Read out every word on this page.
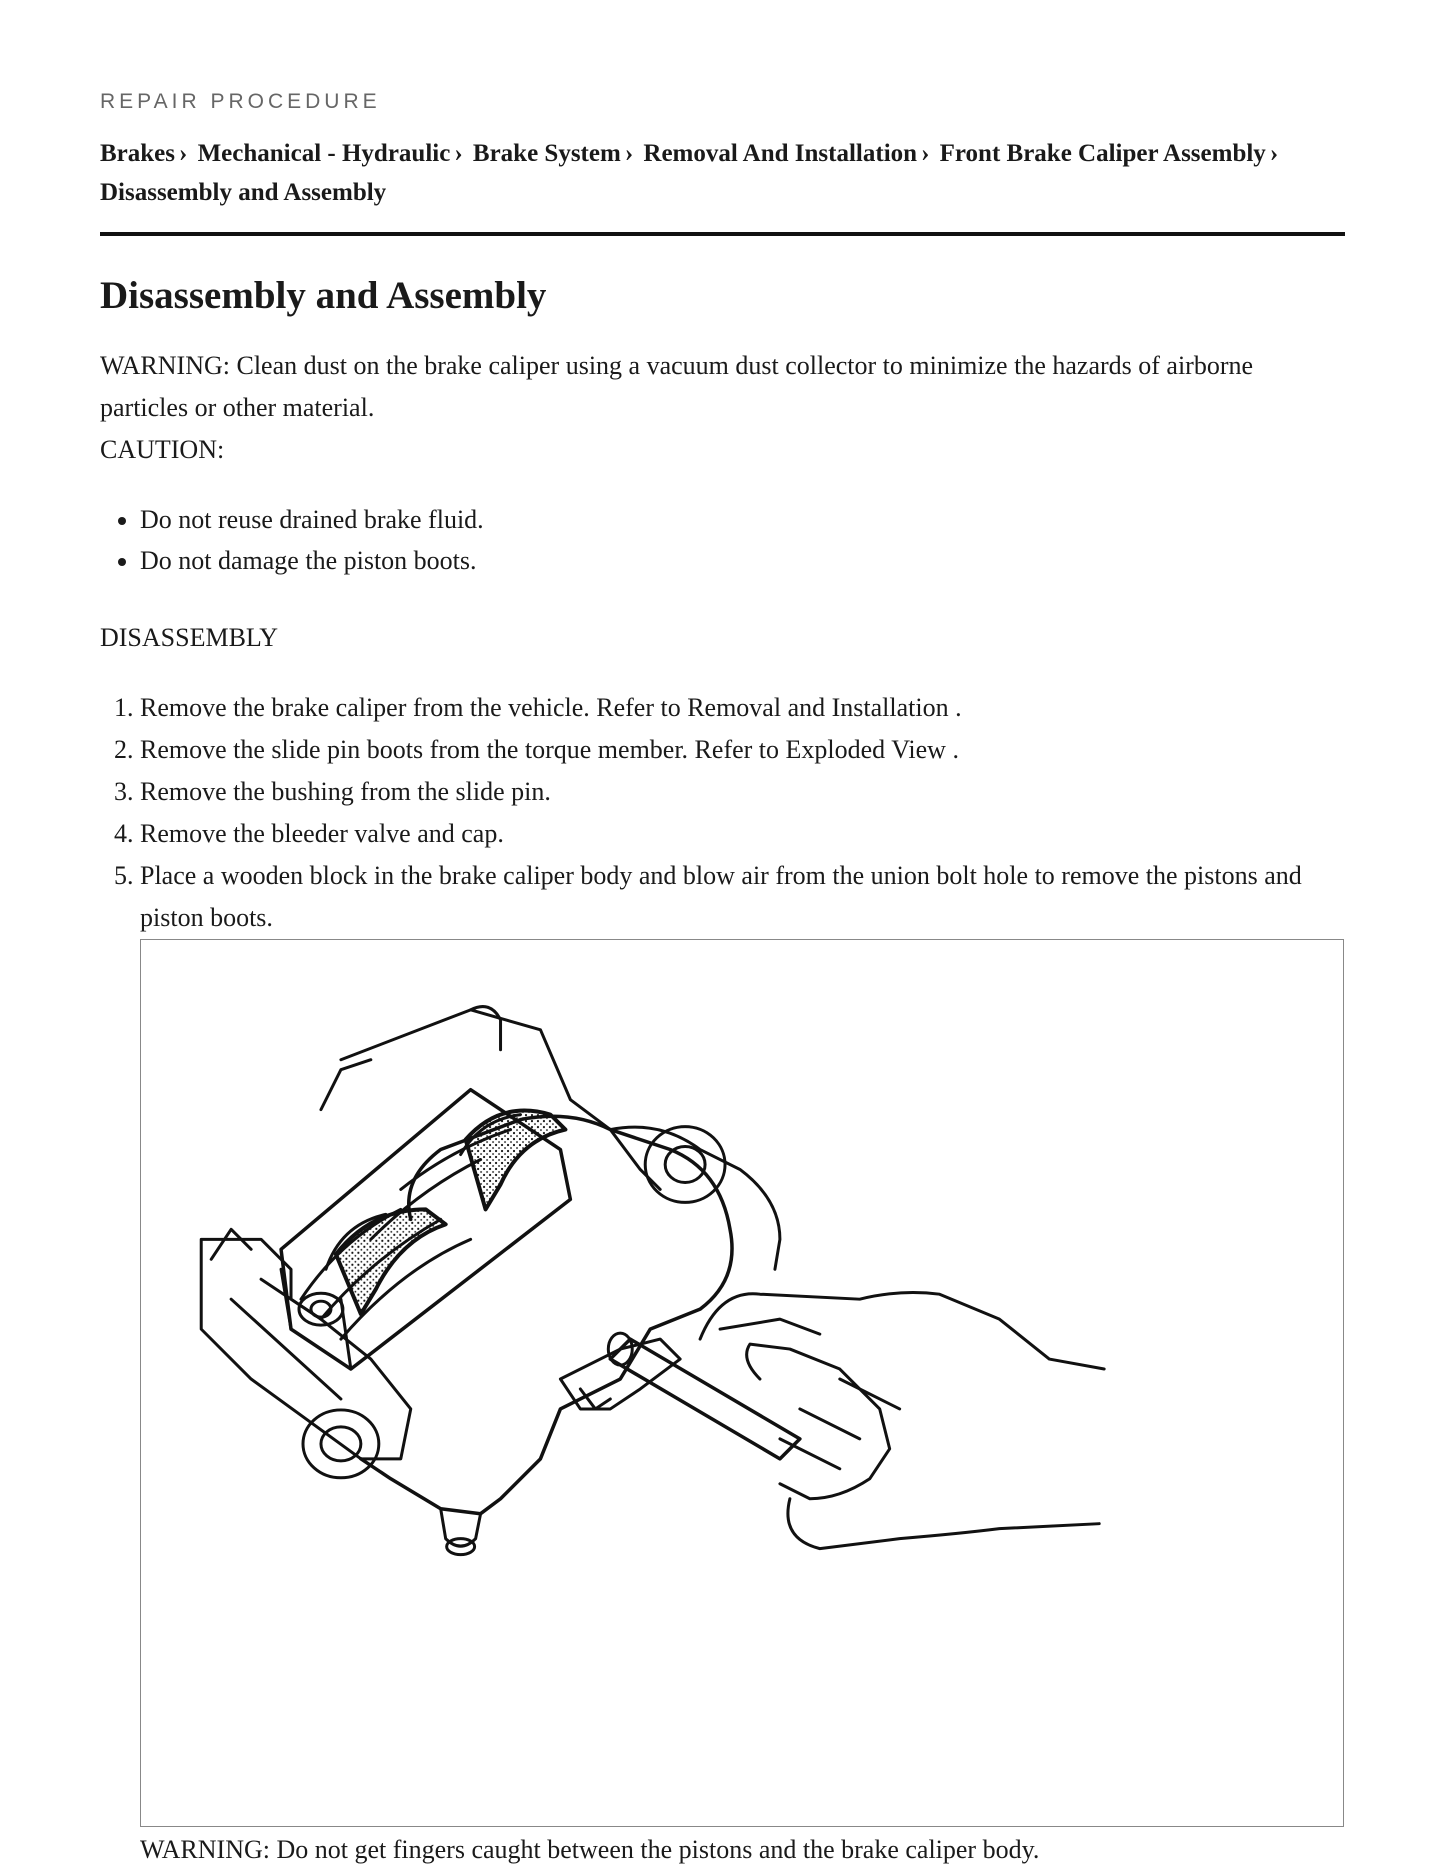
REPAIR PROCEDURE
Brakes › Mechanical - Hydraulic › Brake System › Removal And Installation › Front Brake Caliper Assembly ›
Disassembly and Assembly
Disassembly and Assembly

WARNING: Clean dust on the brake caliper using a vacuum dust collector to minimize the hazards of airborne particles or other material.

CAUTION:

• Do not reuse drained brake fluid.
• Do not damage the piston boots.

DISASSEMBLY

1. Remove the brake caliper from the vehicle. Refer to Removal and Installation .
2. Remove the slide pin boots from the torque member. Refer to Exploded View .
3. Remove the bushing from the slide pin.
4. Remove the bleeder valve and cap.
5. Place a wooden block in the brake caliper body and blow air from the union bolt hole to remove the pistons and piston boots.
WARNING: Do not get fingers caught between the pistons and the brake caliper body.
